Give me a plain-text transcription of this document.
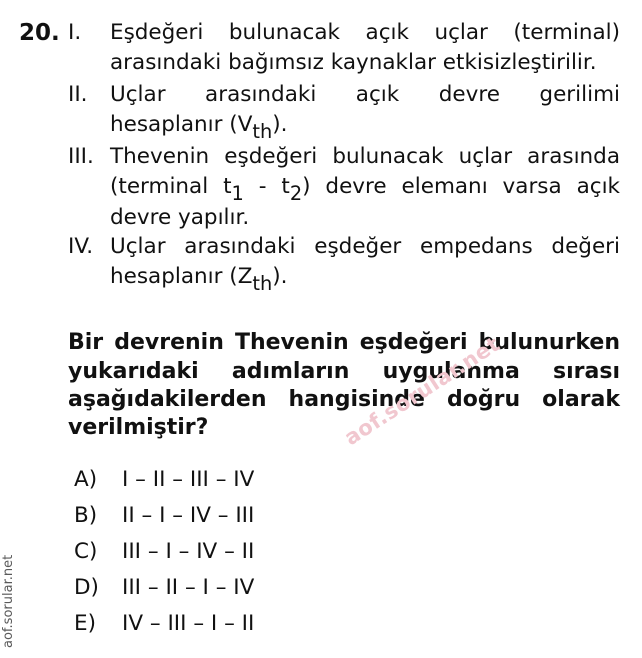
20. I. Eşdeğeri bulunacak açık uçlar (terminal)
arasındaki bağımsız kaynaklar etkisizleştirilir.
II. Uçlar arasındaki açık devre gerilimi
hesaplanır $(V_{th})$.
III. Thevenin eşdeğeri bulunacak uçlar arasında
(terminal $t_1 - t_2$) devre elemanı varsa açık
devre yapılır.
IV. Uçlar arasındaki eşdeğer empedans değeri
hesaplanır $(Z_{th})$.
Bir devrenin Thevenin eşdeğeri bulunurken
yukarıdaki adımların uygulanma sırası
aşağıdakilerden hangisinde doğru olarak
verilmiştir?
A) I – II – III – IV
B) II – I – IV – III
C) III – I – IV – II
D) III – II – I – IV
E) IV – III – I – II
aof.sorular.net
aof.sorular.net
